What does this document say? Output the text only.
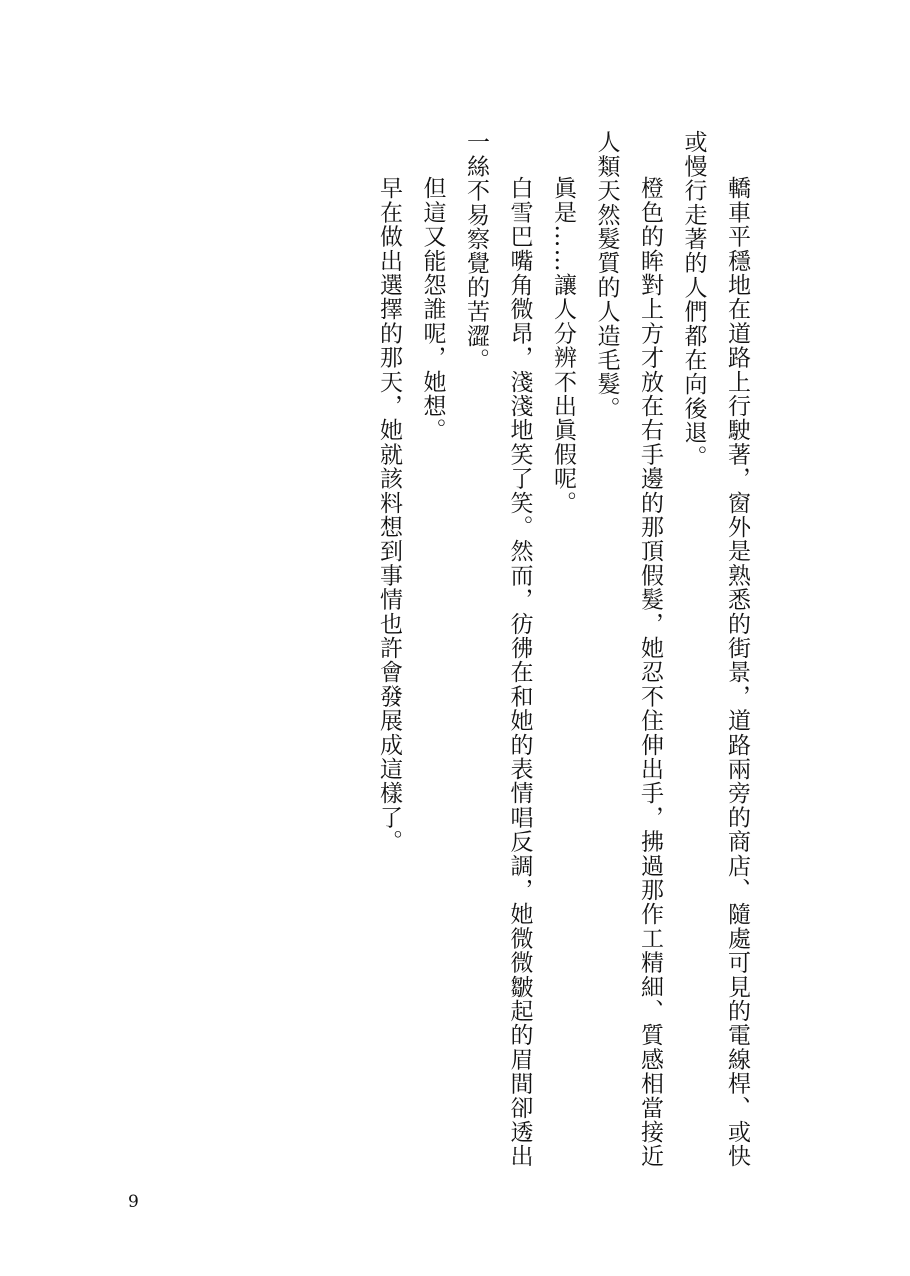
轎車平穩地在道路上行駛著，窗外是熟悉的街景，道路兩旁的商店、隨處可見的電線桿、或快或慢行走著的人們都在向後退。

橙色的眸對上方才放在右手邊的那頂假髮，她忍不住伸出手，拂過那作工精細、質感相當接近人類天然髮質的人造毛髮。

眞是……讓人分辨不出眞假呢。

白雪巴嘴角微昂，淺淺地笑了笑。然而，彷彿在和她的表情唱反調，她微微皺起的眉間卻透出一絲不易察覺的苦澀。

但這又能怨誰呢，她想。

早在做出選擇的那天，她就該料想到事情也許會發展成這樣了。

9
